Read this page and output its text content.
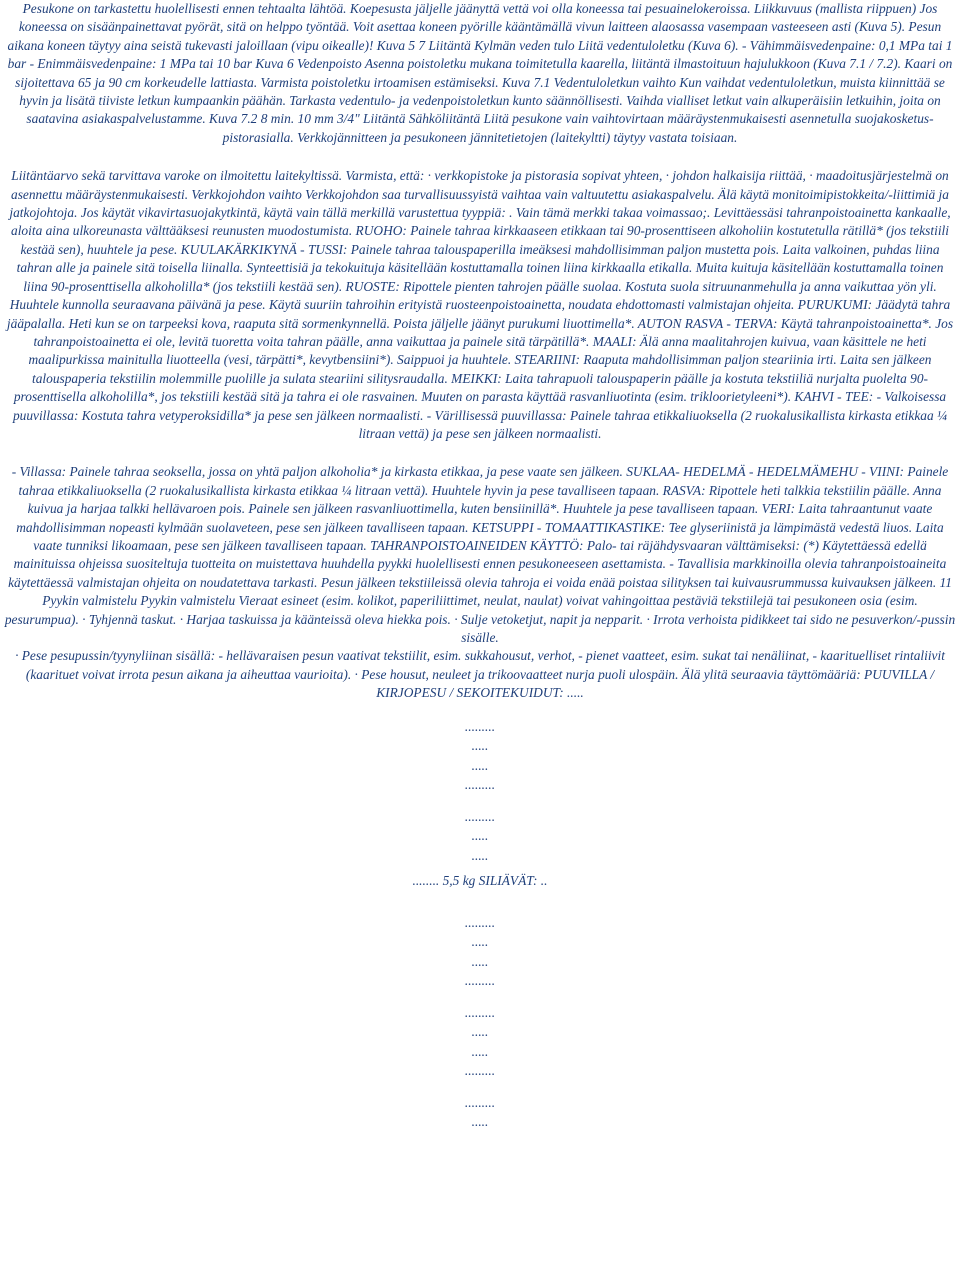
Pesukone on tarkastettu huolellisesti ennen tehtaalta lähtöä. Koepesusta jäljelle jäänyttä vettä voi olla koneessa tai pesuainelokeroissa. Liikkuvuus (mallista riippuen) Jos koneessa on sisäänpainettavat pyörät, sitä on helppo työntää. Voit asettaa koneen pyörille kääntämällä vivun laitteen alaosassa vasempaan vasteeseen asti (Kuva 5). Pesun aikana koneen täytyy aina seistä tukevasti jaloillaan (vipu oikealle)! Kuva 5 7 Liitäntä Kylmän veden tulo Liitä vedentuloletku (Kuva 6). - Vähimmäisvedenpaine: 0,1 MPa tai 1 bar - Enimmäisvedenpaine: 1 MPa tai 10 bar Kuva 6 Vedenpoisto Asenna poistoletku mukana toimitetulla kaarella, liitäntä ilmastoituun hajulukkoon (Kuva 7.1 / 7.2). Kaari on sijoitettava 65 ja 90 cm korkeudelle lattiasta. Varmista poistoletku irtoamisen estämiseksi. Kuva 7.1 Vedentuloletkun vaihto Kun vaihdat vedentuloletkun, muista kiinnittää se hyvin ja lisätä tiiviste letkun kumpaankin päähän. Tarkasta vedentulo- ja vedenpoistoletkun kunto säännöllisesti. Vaihda vialliset letkut vain alkuperäisiin letkuihin, joita on saatavina asiakaspalvelustamme. Kuva 7.2 8 min. 10 mm 3/4" Liitäntä Sähköliitäntä Liitä pesukone vain vaihtovirtaan määräystenmukaisesti asennetulla suojakosketus-pistorasialla. Verkkojännitteen ja pesukoneen jännitetietojen (laitekyltti) täytyy vastata toisiaan.

Liitäntäarvo sekä tarvittava varoke on ilmoitettu laitekyltissä. Varmista, että: · verkkopistoke ja pistorasia sopivat yhteen, · johdon halkaisija riittää, · maadoitusjärjestelmä on asennettu määräystenmukaisesti. Verkkojohdon vaihto Verkkojohdon saa turvallisuussyistä vaihtaa vain valtuutettu asiakaspalvelu. Älä käytä monitoimipistokkeita/-liittimiä ja jatkojohtoja. Jos käytät vikavirtasuojakytkintä, käytä vain tällä merkillä varustettua tyyppiä: . Vain tämä merkki takaa voimassao;. Levittäessäsi tahranpoistoainetta kankaalle, aloita aina ulkoreunasta välttääksesi reunusten muodostumista. RUOHO: Painele tahraa kirkkaaseen etikkaan tai 90-prosenttiseen alkoholiin kostutetulla rätillä* (jos tekstiili kestää sen), huuhtele ja pese. KUULAKÄRKIKYNÄ - TUSSI: Painele tahraa talouspaperilla imeäksesi mahdollisimman paljon mustetta pois. Laita valkoinen, puhdas liina tahran alle ja painele sitä toisella liinalla. Synteettisiä ja tekokuituja käsitellään kostuttamalla toinen liina kirkkaalla etikalla. Muita kuituja käsitellään kostuttamalla toinen liina 90-prosenttisella alkoholilla* (jos tekstiili kestää sen). RUOSTE: Ripottele pienten tahrojen päälle suolaa. Kostuta suola sitruunanmehulla ja anna vaikuttaa yön yli. Huuhtele kunnolla seuraavana päivänä ja pese. Käytä suuriin tahroihin erityistä ruosteenpoistoainetta, noudata ehdottomasti valmistajan ohjeita. PURUKUMI: Jäädytä tahra jääpalalla. Heti kun se on tarpeeksi kova, raaputa sitä sormenkynnellä. Poista jäljelle jäänyt purukumi liuottimella*. AUTON RASVA - TERVA: Käytä tahranpoistoainetta*. Jos tahranpoistoainetta ei ole, levitä tuoretta voita tahran päälle, anna vaikuttaa ja painele sitä tärpätillä*. MAALI: Älä anna maalitahrojen kuivua, vaan käsittele ne heti maalipurkissa mainitulla liuotteella (vesi, tärpätti*, kevytbensiini*). Saippuoi ja huuhtele. STEARIINI: Raaputa mahdollisimman paljon steariinia irti. Laita sen jälkeen talouspaperia tekstiilin molemmille puolille ja sulata steariini silitysraudalla. MEIKKI: Laita tahrapuoli talouspaperin päälle ja kostuta tekstiiliä nurjalta puolelta 90-prosenttisella alkoholilla*, jos tekstiili kestää sitä ja tahra ei ole rasvainen. Muuten on parasta käyttää rasvanliuotinta (esim. trikloorietyleeni*). KAHVI - TEE: - Valkoisessa puuvillassa: Kostuta tahra vetyperoksidilla* ja pese sen jälkeen normaalisti. - Värillisessä puuvillassa: Painele tahraa etikkaliuoksella (2 ruokalusikallista kirkasta etikkaa ¼ litraan vettä) ja pese sen jälkeen normaalisti.

- Villassa: Painele tahraa seoksella, jossa on yhtä paljon alkoholia* ja kirkasta etikkaa, ja pese vaate sen jälkeen. SUKLAA- HEDELMÄ - HEDELMÄMEHU - VIINI: Painele tahraa etikkaliuoksella (2 ruokalusikallista kirkasta etikkaa ¼ litraan vettä). Huuhtele hyvin ja pese tavalliseen tapaan. RASVA: Ripottele heti talkkia tekstiilin päälle. Anna kuivua ja harjaa talkki hellävaroen pois. Painele sen jälkeen rasvanliuottimella, kuten bensiinillä*. Huuhtele ja pese tavalliseen tapaan. VERI: Laita tahraantunut vaate mahdollisimman nopeasti kylmään suolaveteen, pese sen jälkeen tavalliseen tapaan. KETSUPPI - TOMAATTIKASTIKE: Tee glyseriinistä ja lämpimästä vedestä liuos. Laita vaate tunniksi likoamaan, pese sen jälkeen tavalliseen tapaan. TAHRANPOISTOAINEIDEN KÄYTTÖ: Palo- tai räjähdysvaaran välttämiseksi: (*) Käytettäessä edellä mainituissa ohjeissa suositeltuja tuotteita on muistettava huuhdella pyykki huolellisesti ennen pesukoneeseen asettamista. - Tavallisia markkinoilla olevia tahranpoistoaineita käytettäessä valmistajan ohjeita on noudatettava tarkasti. Pesun jälkeen tekstiileissä olevia tahroja ei voida enää poistaa silityksen tai kuivausrummussa kuivauksen jälkeen. 11 Pyykin valmistelu Pyykin valmistelu Vieraat esineet (esim. kolikot, paperiliittimet, neulat, naulat) voivat vahingoittaa pestäviä tekstiilejä tai pesukoneen osia (esim. pesurumpua). · Tyhjennä taskut. · Harjaa taskuissa ja käänteissä oleva hiekka pois. · Sulje vetoketjut, napit ja nepparit. · Irrota verhoista pidikkeet tai sido ne pesuverkon/-pussin sisälle.

· Pese pesupussin/tyynyliinan sisällä: - hellävaraisen pesun vaativat tekstiilit, esim. sukkahousut, verhot, - pienet vaatteet, esim. sukat tai nenäliinat, - kaarituelliset rintaliivit (kaarituet voivat irrota pesun aikana ja aiheuttaa vaurioita). · Pese housut, neuleet ja trikoovaatteet nurja puoli ulospäin. Älä ylitä seuraavia täyttömääriä: PUUVILLA / KIRJOPESU / SEKOITEKUIDUT: .....

.........
.....
.....
.........
.........
.....
.....
........ 5,5 kg SILIÄVÄT: ..
.........
.....
.....
.........
.........
.....
.....
.........
.........
.....
